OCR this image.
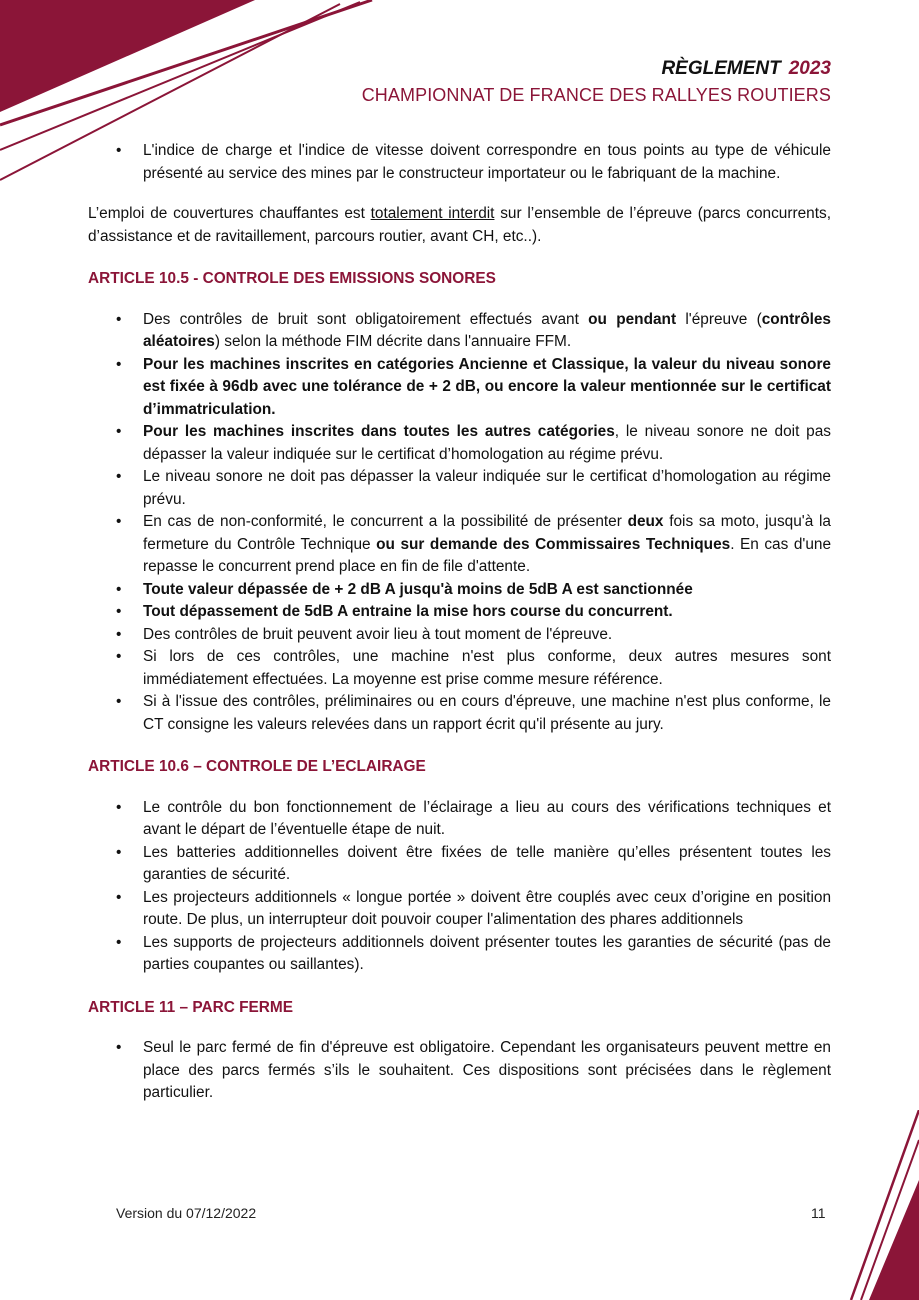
RÈGLEMENT 2023
CHAMPIONNAT DE FRANCE DES RALLYES ROUTIERS
• L'indice de charge et l'indice de vitesse doivent correspondre en tous points au type de véhicule présenté au service des mines par le constructeur importateur ou le fabriquant de la machine.

L’emploi de couvertures chauffantes est totalement interdit sur l’ensemble de l’épreuve (parcs concurrents, d’assistance et de ravitaillement, parcours routier, avant CH, etc..).

ARTICLE 10.5 - CONTROLE DES EMISSIONS SONORES

• Des contrôles de bruit sont obligatoirement effectués avant ou pendant l'épreuve (contrôles aléatoires) selon la méthode FIM décrite dans l'annuaire FFM.
• Pour les machines inscrites en catégories Ancienne et Classique, la valeur du niveau sonore est fixée à 96db avec une tolérance de + 2 dB, ou encore la valeur mentionnée sur le certificat d’immatriculation.
• Pour les machines inscrites dans toutes les autres catégories, le niveau sonore ne doit pas dépasser la valeur indiquée sur le certificat d’homologation au régime prévu.
• Le niveau sonore ne doit pas dépasser la valeur indiquée sur le certificat d’homologation au régime prévu.
• En cas de non-conformité, le concurrent a la possibilité de présenter deux fois sa moto, jusqu'à la fermeture du Contrôle Technique ou sur demande des Commissaires Techniques. En cas d'une repasse le concurrent prend place en fin de file d'attente.
• Toute valeur dépassée de + 2 dB A jusqu'à moins de 5dB A est sanctionnée
• Tout dépassement de 5dB A entraine la mise hors course du concurrent.
• Des contrôles de bruit peuvent avoir lieu à tout moment de l'épreuve.
• Si lors de ces contrôles, une machine n'est plus conforme, deux autres mesures sont immédiatement effectuées. La moyenne est prise comme mesure référence.
• Si à l'issue des contrôles, préliminaires ou en cours d'épreuve, une machine n'est plus conforme, le CT consigne les valeurs relevées dans un rapport écrit qu'il présente au jury.

ARTICLE 10.6 – CONTROLE DE L’ECLAIRAGE

• Le contrôle du bon fonctionnement de l’éclairage a lieu au cours des vérifications techniques et avant le départ de l’éventuelle étape de nuit.
• Les batteries additionnelles doivent être fixées de telle manière qu’elles présentent toutes les garanties de sécurité.
• Les projecteurs additionnels « longue portée » doivent être couplés avec ceux d’origine en position route. De plus, un interrupteur doit pouvoir couper l'alimentation des phares additionnels
• Les supports de projecteurs additionnels doivent présenter toutes les garanties de sécurité (pas de parties coupantes ou saillantes).

ARTICLE 11 – PARC FERME

• Seul le parc fermé de fin d'épreuve est obligatoire. Cependant les organisateurs peuvent mettre en place des parcs fermés s’ils le souhaitent. Ces dispositions sont précisées dans le règlement particulier.
Version du 07/12/2022	11
